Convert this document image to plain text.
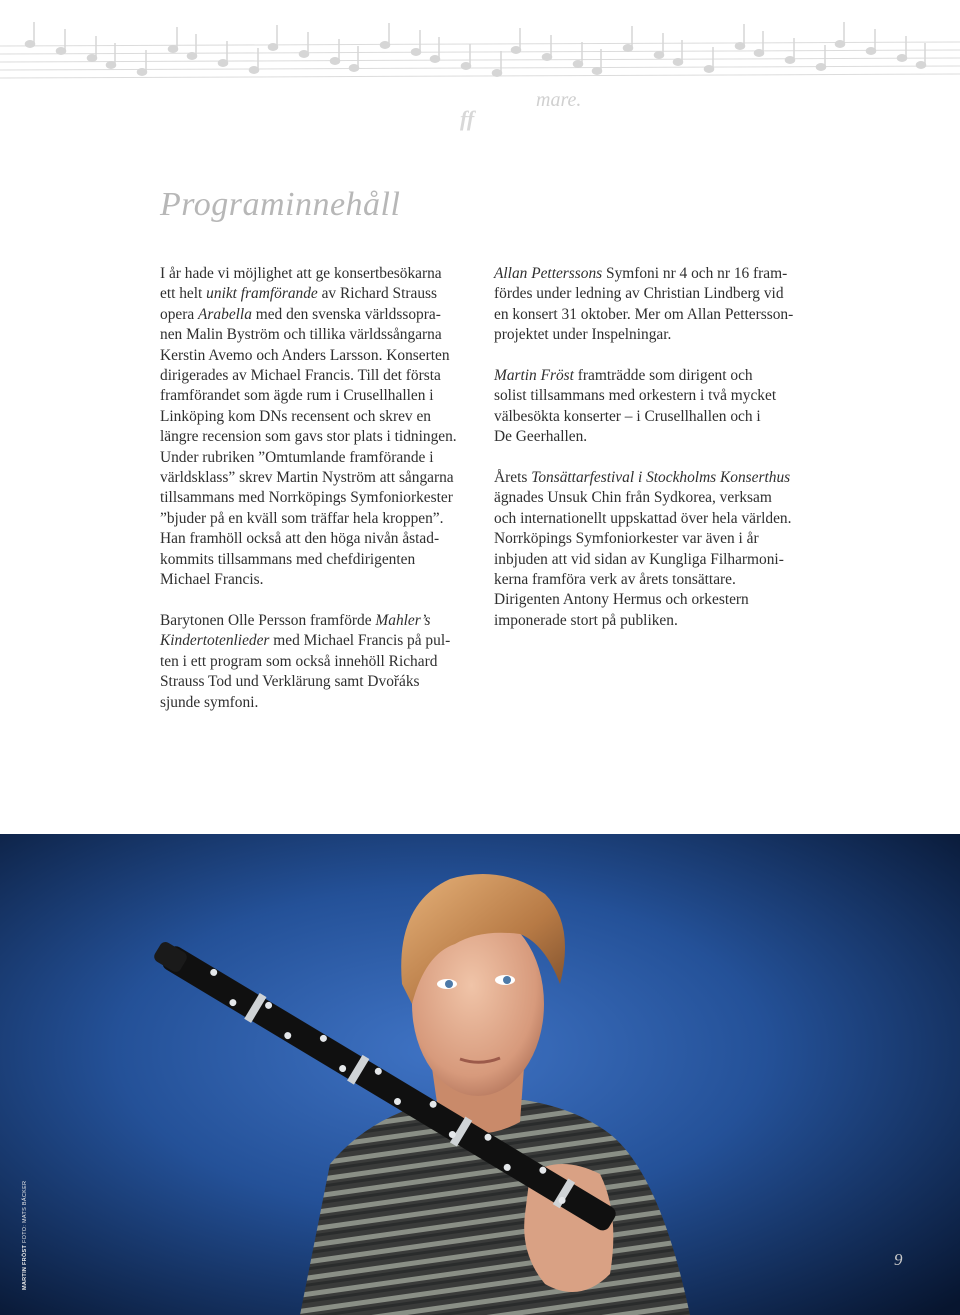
mare.
ff
Programinnehåll

I år hade vi möjlighet att ge konsertbesökarna
ett helt unikt framförande av Richard Strauss
opera Arabella med den svenska världssopra-
nen Malin Byström och tillika världssångarna
Kerstin Avemo och Anders Larsson. Konserten
dirigerades av Michael Francis. Till det första
framförandet som ägde rum i Crusellhallen i
Linköping kom DNs recensent och skrev en
längre recension som gavs stor plats i tidningen.
Under rubriken ”Omtumlande framförande i
världsklass” skrev Martin Nyström att sångarna
tillsammans med Norrköpings Symfoniorkester
”bjuder på en kväll som träffar hela kroppen”.
Han framhöll också att den höga nivån åstad-
kommits tillsammans med chefdirigenten
Michael Francis.

Barytonen Olle Persson framförde Mahler’s
Kindertotenlieder med Michael Francis på pul-
ten i ett program som också innehöll Richard
Strauss Tod und Verklärung samt Dvořáks
sjunde symfoni.

Allan Petterssons Symfoni nr 4 och nr 16 fram-
fördes under ledning av Christian Lindberg vid
en konsert 31 oktober. Mer om Allan Pettersson-
projektet under Inspelningar.

Martin Fröst framträdde som dirigent och
solist tillsammans med orkestern i två mycket
välbesökta konserter – i Crusellhallen och i
De Geerhallen.

Årets Tonsättarfestival i Stockholms Konserthus
ägnades Unsuk Chin från Sydkorea, verksam
och internationellt uppskattad över hela världen.
Norrköpings Symfoniorkester var även i år
inbjuden att vid sidan av Kungliga Filharmoni-
kerna framföra verk av årets tonsättare.
Dirigenten Antony Hermus och orkestern
imponerade stort på publiken.

MARTIN FRÖST FOTO: MATS BÄCKER
9
